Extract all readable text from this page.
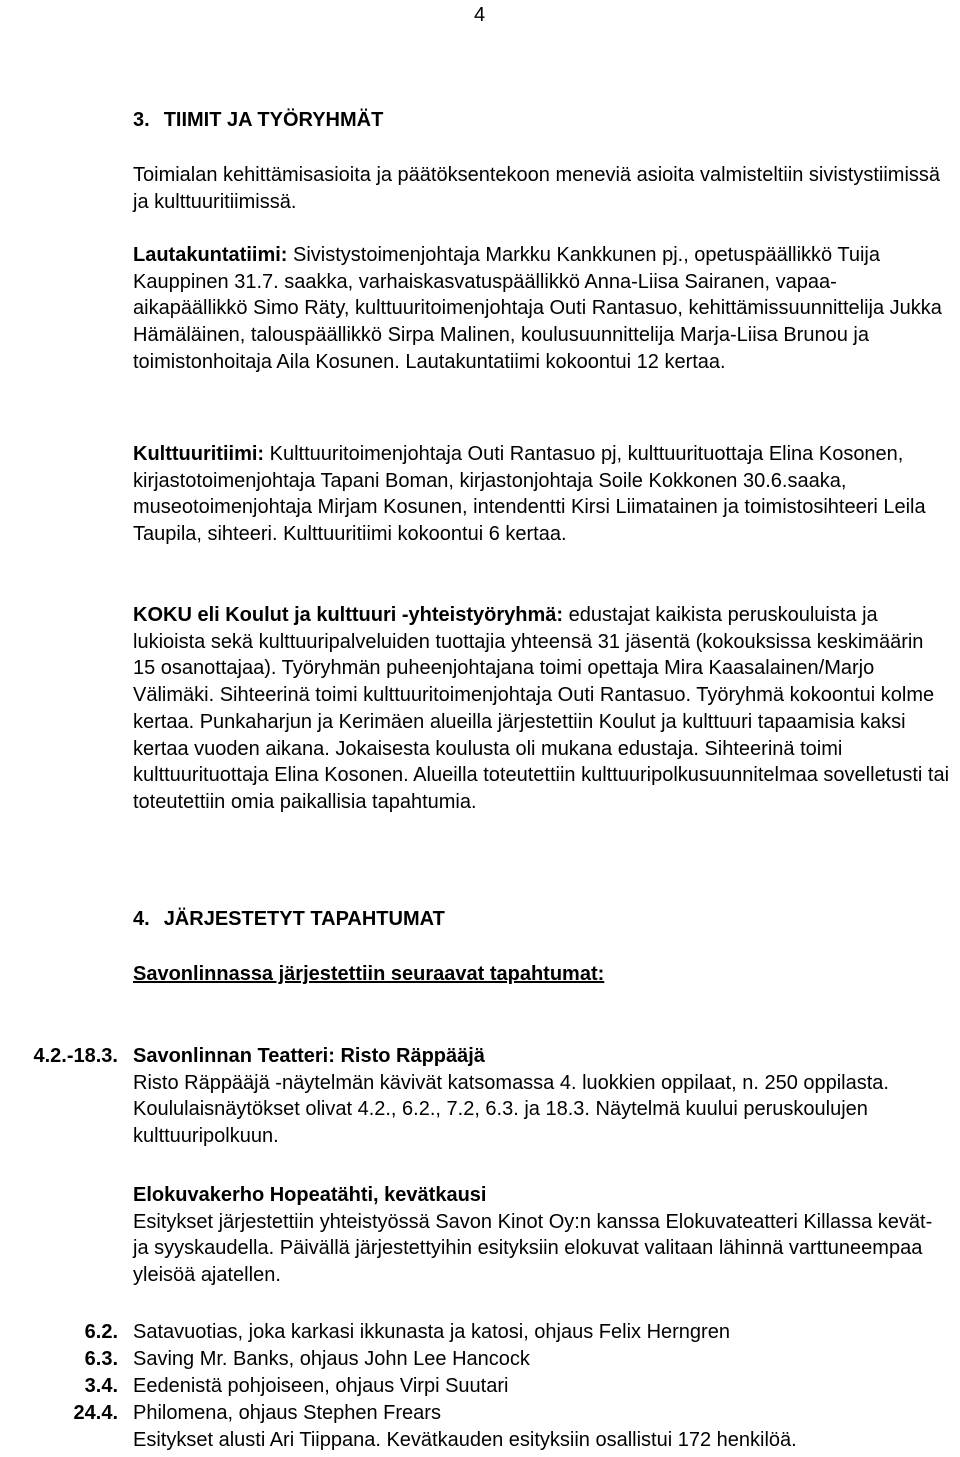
4
3. TIIMIT JA TYÖRYHMÄT

Toimialan kehittämisasioita ja päätöksentekoon meneviä asioita valmisteltiin sivistystiimissä ja kulttuuritiimissä.

Lautakuntatiimi: Sivistystoimenjohtaja Markku Kankkunen pj., opetuspäällikkö Tuija Kauppinen 31.7. saakka, varhaiskasvatuspäällikkö Anna-Liisa Sairanen, vapaa-aikapäällikkö Simo Räty, kulttuuritoimenjohtaja Outi Rantasuo, kehittämissuunnittelija Jukka Hämäläinen, talouspäällikkö Sirpa Malinen, koulusuunnittelija Marja-Liisa Brunou ja toimistonhoitaja Aila Kosunen. Lautakuntatiimi kokoontui 12 kertaa.

Kulttuuritiimi: Kulttuuritoimenjohtaja Outi Rantasuo pj, kulttuurituottaja Elina Kosonen, kirjastotoimenjohtaja Tapani Boman, kirjastonjohtaja Soile Kokkonen 30.6.saaka, museotoimenjohtaja Mirjam Kosunen, intendentti Kirsi Liimatainen ja toimistosihteeri Leila Taupila, sihteeri. Kulttuuritiimi kokoontui 6 kertaa.

KOKU eli Koulut ja kulttuuri -yhteistyöryhmä: edustajat kaikista peruskouluista ja lukioista sekä kulttuuripalveluiden tuottajia yhteensä 31 jäsentä (kokouksissa keskimäärin 15 osanottajaa). Työryhmän puheenjohtajana toimi opettaja Mira Kaasalainen/Marjo Välimäki. Sihteerinä toimi kulttuuritoimenjohtaja Outi Rantasuo. Työryhmä kokoontui kolme kertaa. Punkaharjun ja Kerimäen alueilla järjestettiin Koulut ja kulttuuri tapaamisia kaksi kertaa vuoden aikana. Jokaisesta koulusta oli mukana edustaja. Sihteerinä toimi kulttuurituottaja Elina Kosonen. Alueilla toteutettiin kulttuuripolkusuunnitelmaa sovelletusti tai toteutettiin omia paikallisia tapahtumia.

4. JÄRJESTETYT TAPAHTUMAT
Savonlinnassa järjestettiin seuraavat tapahtumat:
4.2.-18.3. Savonlinnan Teatteri: Risto Räppääjä

Risto Räppääjä -näytelmän kävivät katsomassa 4. luokkien oppilaat, n. 250 oppilasta. Koululaisnäytökset olivat 4.2., 6.2., 7.2, 6.3. ja 18.3. Näytelmä kuului peruskoulujen kulttuuripolkuun.

Elokuvakerho Hopeatähti, kevätkausi

Esitykset järjestettiin yhteistyössä Savon Kinot Oy:n kanssa Elokuvateatteri Killassa kevät- ja syyskaudella. Päivällä järjestettyihin esityksiin elokuvat valitaan lähinnä varttuneempaa yleisöä ajatellen.

6.2. Satavuotias, joka karkasi ikkunasta ja katosi, ohjaus Felix Herngren
6.3. Saving Mr. Banks, ohjaus John Lee Hancock
3.4. Eedenistä pohjoiseen, ohjaus Virpi Suutari
24.4. Philomena, ohjaus Stephen Frears

Esitykset alusti Ari Tiippana. Kevätkauden esityksiin osallistui 172 henkilöä.
